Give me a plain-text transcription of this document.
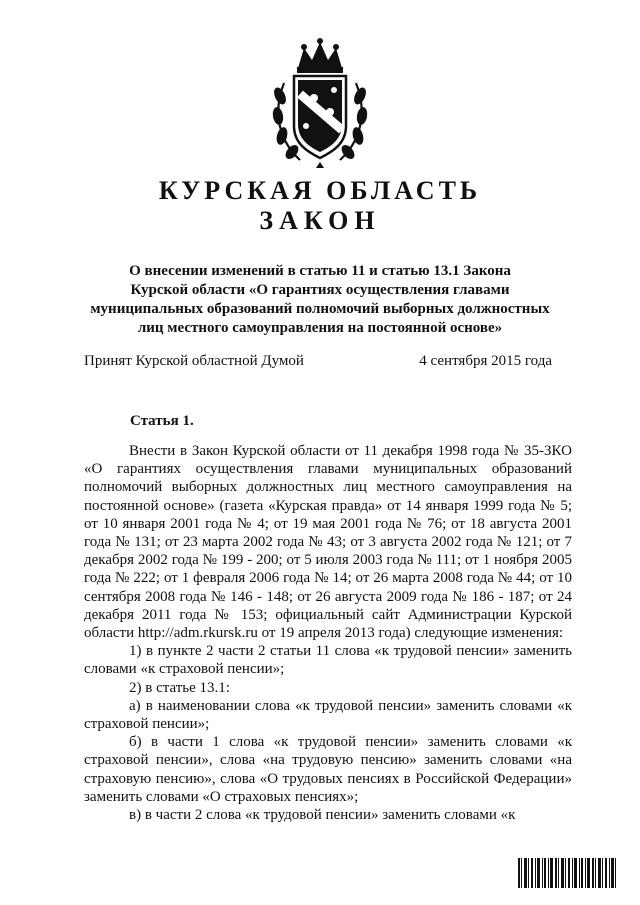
КУРСКАЯ ОБЛАСТЬ
ЗАКОН
О внесении изменений в статью 11 и статью 13.1 Закона
Курской области «О гарантиях осуществления главами
муниципальных образований полномочий выборных должностных
лиц местного самоуправления на постоянной основе»
Принят Курской областной Думой	4 сентября 2015 года
Статья 1.

Внести в Закон Курской области от 11 декабря 1998 года № 35-ЗКО «О гарантиях осуществления главами муниципальных образований полномочий выборных должностных лиц местного самоуправления на постоянной основе» (газета «Курская правда» от 14 января 1999 года № 5; от 10 января 2001 года № 4; от 19 мая 2001 года № 76; от 18 августа 2001 года № 131; от 23 марта 2002 года № 43; от 3 августа 2002 года № 121; от 7 декабря 2002 года № 199 - 200; от 5 июля 2003 года № 111; от 1 ноября 2005 года № 222; от 1 февраля 2006 года № 14; от 26 марта 2008 года № 44; от 10 сентября 2008 года № 146 - 148; от 26 августа 2009 года № 186 - 187; от 24 декабря 2011 года № 153; официальный сайт Администрации Курской области http://adm.rkursk.ru от 19 апреля 2013 года) следующие изменения:

1) в пункте 2 части 2 статьи 11 слова «к трудовой пенсии» заменить словами «к страховой пенсии»;

2) в статье 13.1:

а) в наименовании слова «к трудовой пенсии» заменить словами «к страховой пенсии»;

б) в части 1 слова «к трудовой пенсии» заменить словами «к страховой пенсии», слова «на трудовую пенсию» заменить словами «на страховую пенсию», слова «О трудовых пенсиях в Российской Федерации» заменить словами «О страховых пенсиях»;

в) в части 2 слова «к трудовой пенсии» заменить словами «к
